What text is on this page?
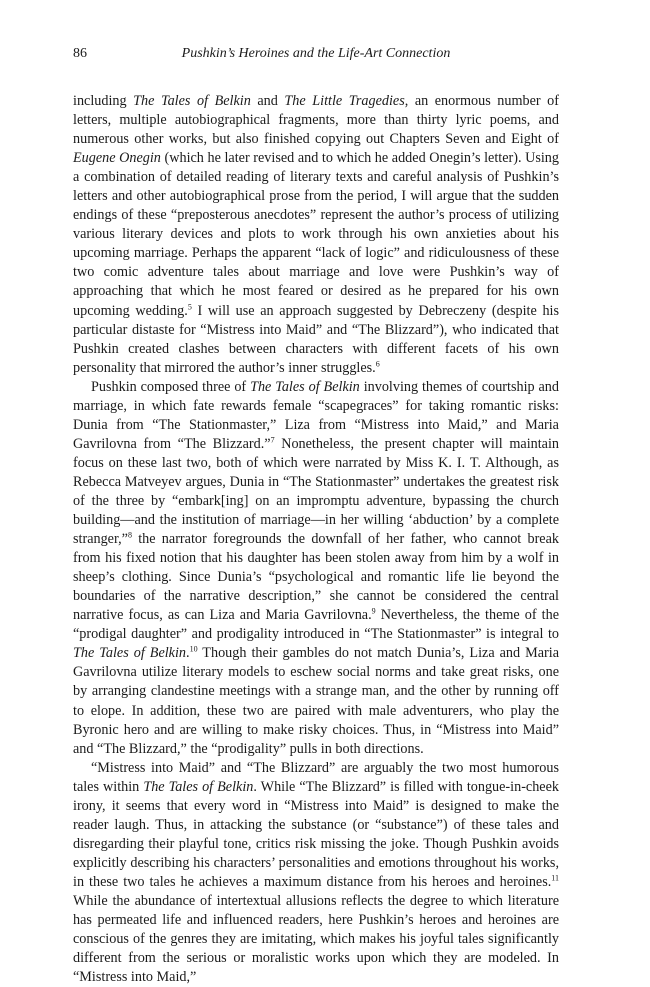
86	Pushkin’s Heroines and the Life-Art Connection

including The Tales of Belkin and The Little Tragedies, an enormous number of letters, multiple autobiographical fragments, more than thirty lyric poems, and numerous other works, but also finished copying out Chapters Seven and Eight of Eugene Onegin (which he later revised and to which he added Onegin’s letter). Using a combination of detailed reading of literary texts and careful analysis of Pushkin’s letters and other autobiographical prose from the period, I will argue that the sudden endings of these “preposterous anecdotes” represent the author’s process of utilizing various literary devices and plots to work through his own anxieties about his upcoming marriage. Perhaps the apparent “lack of logic” and ridiculousness of these two comic adventure tales about marriage and love were Pushkin’s way of approaching that which he most feared or desired as he prepared for his own upcoming wedding.$^5$ I will use an approach suggested by Debreczeny (despite his particular distaste for “Mistress into Maid” and “The Blizzard”), who indicated that Pushkin created clashes between characters with different facets of his own personality that mirrored the author’s inner struggles.$^6$

Pushkin composed three of The Tales of Belkin involving themes of courtship and marriage, in which fate rewards female “scapegraces” for taking romantic risks: Dunia from “The Stationmaster,” Liza from “Mistress into Maid,” and Maria Gavrilovna from “The Blizzard.”$^7$ Nonetheless, the present chapter will maintain focus on these last two, both of which were narrated by Miss K. I. T. Although, as Rebecca Matveyev argues, Dunia in “The Stationmaster” undertakes the greatest risk of the three by “embark[ing] on an impromptu adventure, bypassing the church building—and the institution of marriage—in her willing ‘abduction’ by a complete stranger,”$^8$ the narrator foregrounds the downfall of her father, who cannot break from his fixed notion that his daughter has been stolen away from him by a wolf in sheep’s clothing. Since Dunia’s “psychological and romantic life lie beyond the boundaries of the narrative description,” she cannot be considered the central narrative focus, as can Liza and Maria Gavrilovna.$^9$ Nevertheless, the theme of the “prodigal daughter” and prodigality introduced in “The Stationmaster” is integral to The Tales of Belkin.$^{10}$ Though their gambles do not match Dunia’s, Liza and Maria Gavrilovna utilize literary models to eschew social norms and take great risks, one by arranging clandestine meetings with a strange man, and the other by running off to elope. In addition, these two are paired with male adventurers, who play the Byronic hero and are willing to make risky choices. Thus, in “Mistress into Maid” and “The Blizzard,” the “prodigality” pulls in both directions.

“Mistress into Maid” and “The Blizzard” are arguably the two most humorous tales within The Tales of Belkin. While “The Blizzard” is filled with tongue-in-cheek irony, it seems that every word in “Mistress into Maid” is designed to make the reader laugh. Thus, in attacking the substance (or “substance”) of these tales and disregarding their playful tone, critics risk missing the joke. Though Pushkin avoids explicitly describing his characters’ personalities and emotions throughout his works, in these two tales he achieves a maximum distance from his heroes and heroines.$^{11}$ While the abundance of intertextual allusions reflects the degree to which literature has permeated life and influenced readers, here Pushkin’s heroes and heroines are conscious of the genres they are imitating, which makes his joyful tales significantly different from the serious or moralistic works upon which they are modeled. In “Mistress into Maid,”
